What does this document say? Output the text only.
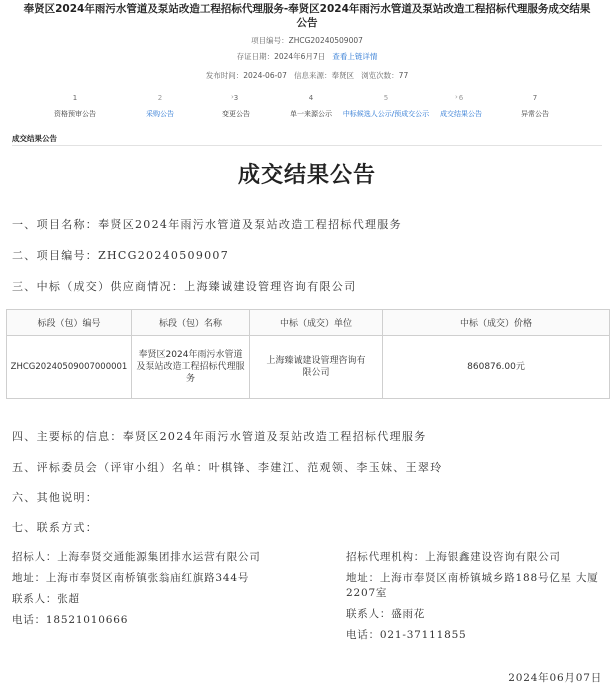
奉贤区2024年雨污水管道及泵站改造工程招标代理服务-奉贤区2024年雨污水管道及泵站改造工程招标代理服务成交结果公告
项目编号：ZHCG20240509007
存证日期：2024年6月7日 查看上链详情
发布时间：2024-06-07 信息来源：奉贤区 浏览次数：77
1
资格预审公告
2
采购公告
3
变更公告
4
单一来源公示
5
中标候选人公示/预成交公示
6
成交结果公告
7
异常公告
›	›
成交结果公告
成交结果公告
一、项目名称：奉贤区2024年雨污水管道及泵站改造工程招标代理服务
二、项目编号：ZHCG20240509007
三、中标（成交）供应商情况：上海臻诚建设管理咨询有限公司
标段（包）编号	标段（包）名称	中标（成交）单位	中标（成交）价格
ZHCG20240509007000001	奉贤区2024年雨污水管道及泵站改造工程招标代理服务	上海臻诚建设管理咨询有限公司	860876.00元
四、主要标的信息：奉贤区2024年雨污水管道及泵站改造工程招标代理服务
五、评标委员会（评审小组）名单：叶棋锋、李建江、范观领、李玉妹、王翠玲
六、其他说明：
七、联系方式：
招标人：上海奉贤交通能源集团排水运营有限公司
地址：上海市奉贤区南桥镇张翁庙红旗路344号
联系人：张超
电话：18521010666
招标代理机构：上海银鑫建设咨询有限公司
地址：上海市奉贤区南桥镇城乡路188号亿星 大厦2207室
联系人：盛雨花
电话：021-37111855
2024年06月07日
